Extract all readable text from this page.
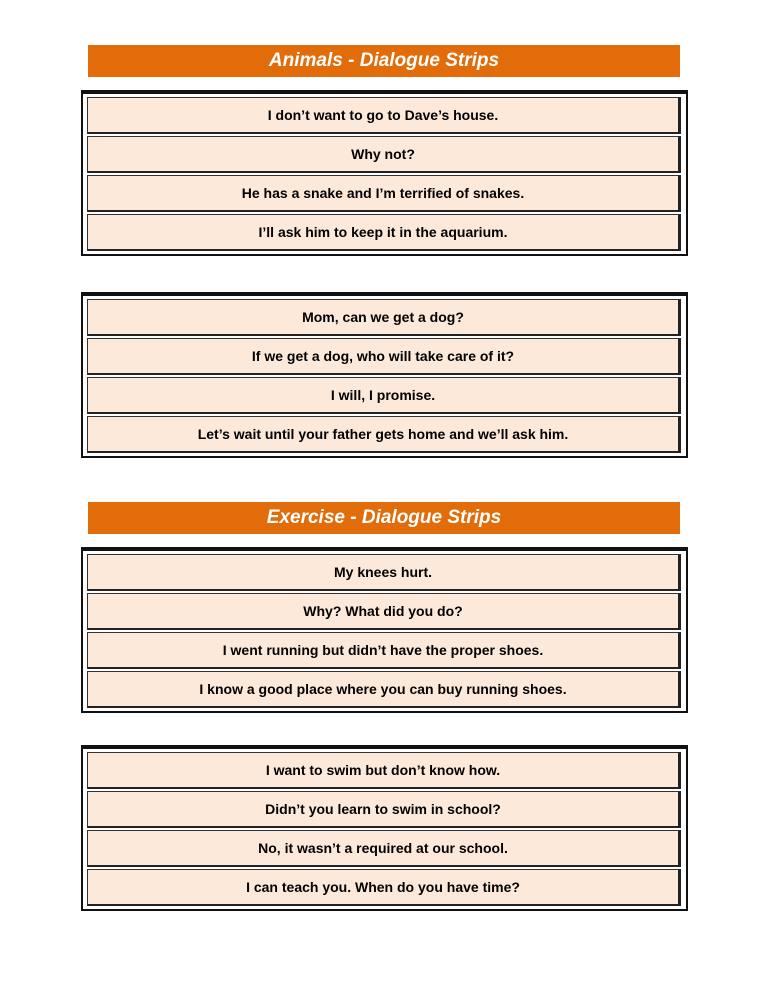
Animals - Dialogue Strips
I don’t want to go to Dave’s house.
Why not?
He has a snake and I’m terrified of snakes.
I’ll ask him to keep it in the aquarium.
Mom, can we get a dog?
If we get a dog, who will take care of it?
I will, I promise.
Let’s wait until your father gets home and we’ll ask him.
Exercise - Dialogue Strips
My knees hurt.
Why? What did you do?
I went running but didn’t have the proper shoes.
I know a good place where you can buy running shoes.
I want to swim but don’t know how.
Didn’t you learn to swim in school?
No, it wasn’t a required at our school.
I can teach you. When do you have time?
